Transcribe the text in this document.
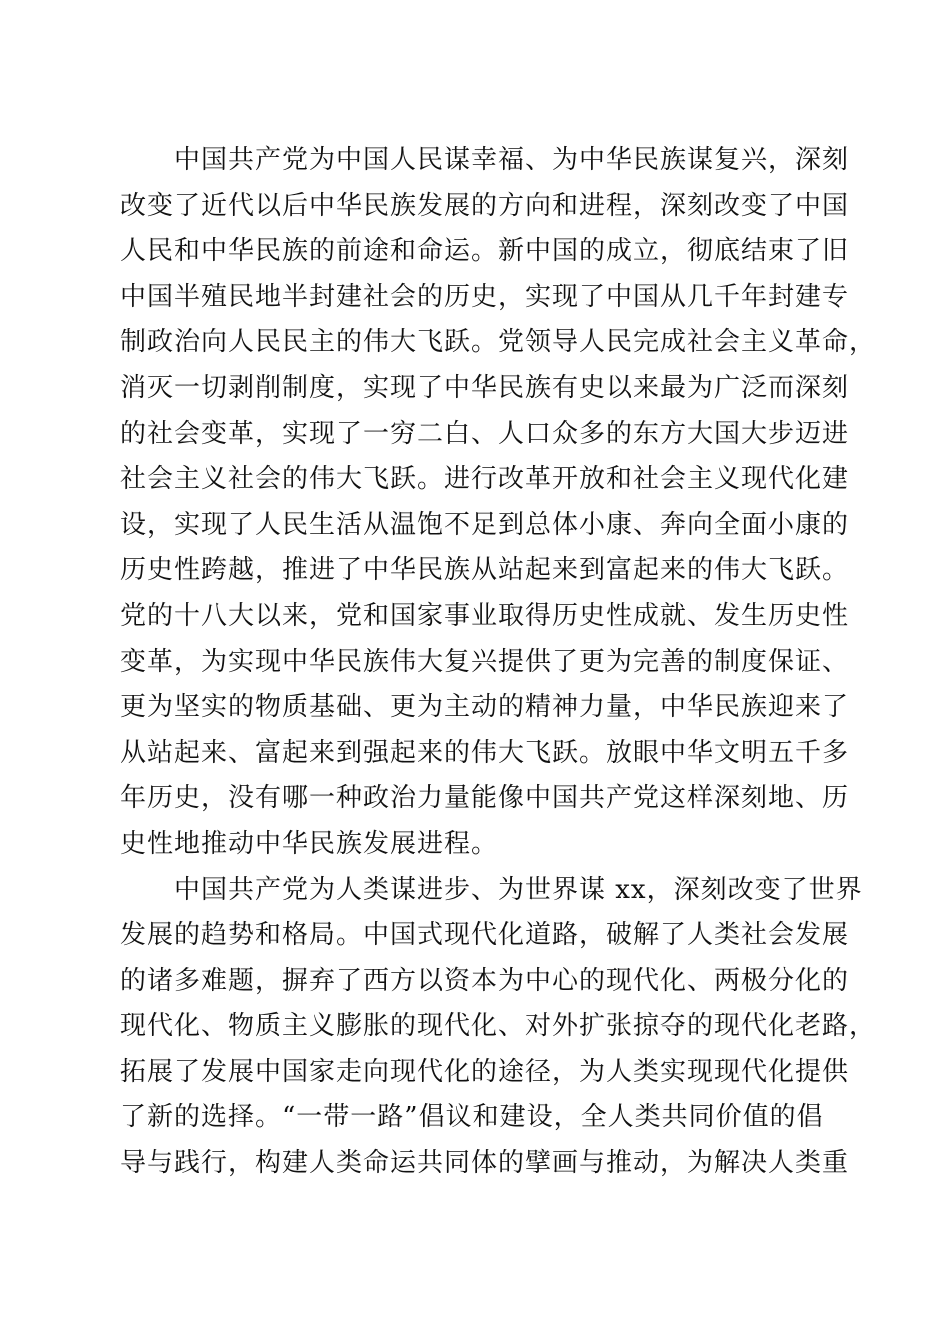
　　中国共产党为中国人民谋幸福、为中华民族谋复兴，深刻
改变了近代以后中华民族发展的方向和进程，深刻改变了中国
人民和中华民族的前途和命运。新中国的成立，彻底结束了旧
中国半殖民地半封建社会的历史，实现了中国从几千年封建专
制政治向人民民主的伟大飞跃。党领导人民完成社会主义革命，
消灭一切剥削制度，实现了中华民族有史以来最为广泛而深刻
的社会变革，实现了一穷二白、人口众多的东方大国大步迈进
社会主义社会的伟大飞跃。进行改革开放和社会主义现代化建
设，实现了人民生活从温饱不足到总体小康、奔向全面小康的
历史性跨越，推进了中华民族从站起来到富起来的伟大飞跃。
党的十八大以来，党和国家事业取得历史性成就、发生历史性
变革，为实现中华民族伟大复兴提供了更为完善的制度保证、
更为坚实的物质基础、更为主动的精神力量，中华民族迎来了
从站起来、富起来到强起来的伟大飞跃。放眼中华文明五千多
年历史，没有哪一种政治力量能像中国共产党这样深刻地、历
史性地推动中华民族发展进程。

　　中国共产党为人类谋进步、为世界谋 xx，深刻改变了世界
发展的趋势和格局。中国式现代化道路，破解了人类社会发展
的诸多难题，摒弃了西方以资本为中心的现代化、两极分化的
现代化、物质主义膨胀的现代化、对外扩张掠夺的现代化老路，
拓展了发展中国家走向现代化的途径，为人类实现现代化提供
了新的选择。“一带一路”倡议和建设，全人类共同价值的倡
导与践行，构建人类命运共同体的擘画与推动，为解决人类重
